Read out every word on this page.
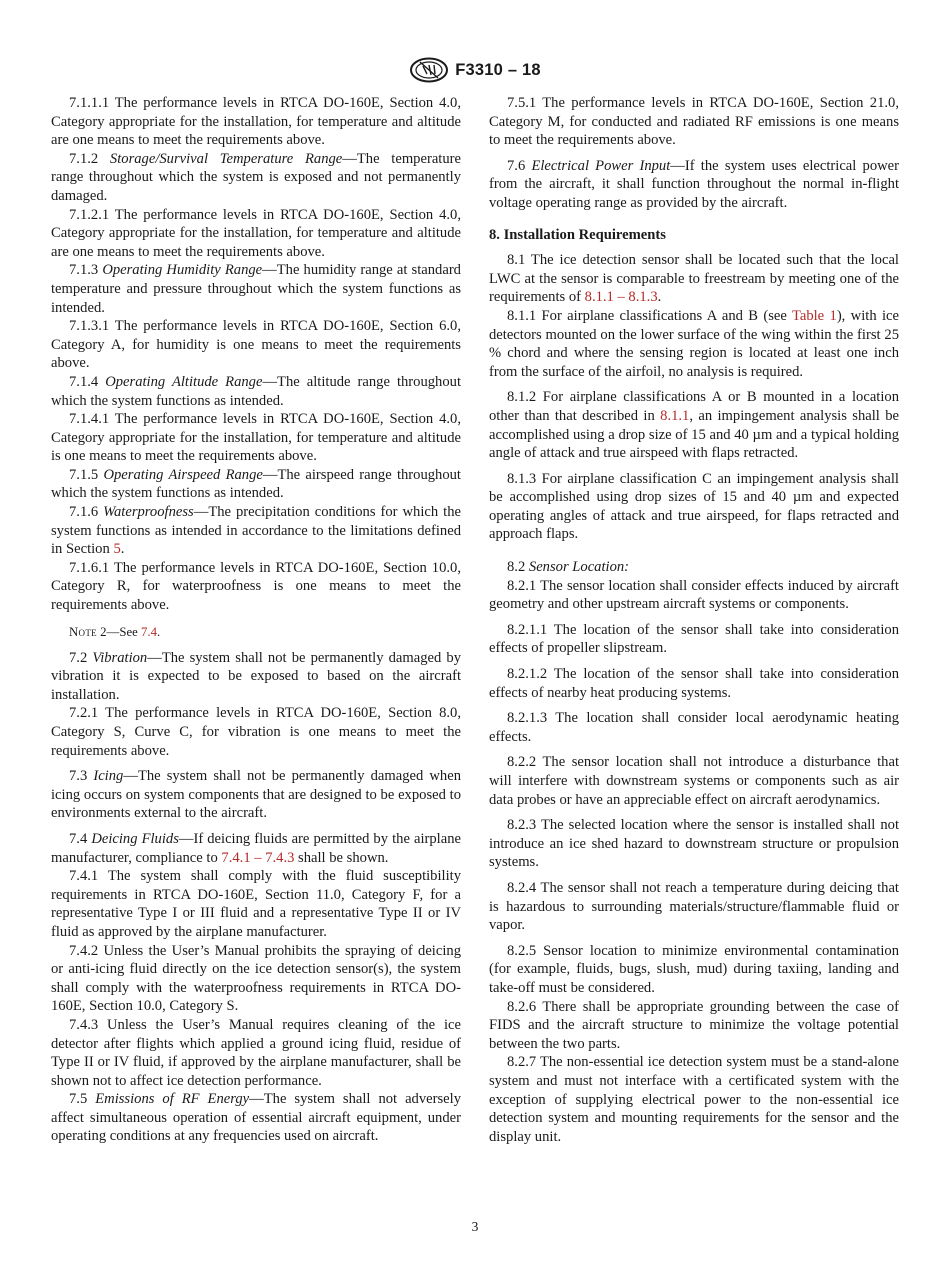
F3310 – 18

7.1.1.1 The performance levels in RTCA DO-160E, Section 4.0, Category appropriate for the installation, for temperature and altitude are one means to meet the requirements above.

7.1.2 Storage/Survival Temperature Range—The temperature range throughout which the system is exposed and not permanently damaged.

7.1.2.1 The performance levels in RTCA DO-160E, Section 4.0, Category appropriate for the installation, for temperature and altitude are one means to meet the requirements above.

7.1.3 Operating Humidity Range—The humidity range at standard temperature and pressure throughout which the system functions as intended.

7.1.3.1 The performance levels in RTCA DO-160E, Section 6.0, Category A, for humidity is one means to meet the requirements above.

7.1.4 Operating Altitude Range—The altitude range throughout which the system functions as intended.

7.1.4.1 The performance levels in RTCA DO-160E, Section 4.0, Category appropriate for the installation, for temperature and altitude is one means to meet the requirements above.

7.1.5 Operating Airspeed Range—The airspeed range throughout which the system functions as intended.

7.1.6 Waterproofness—The precipitation conditions for which the system functions as intended in accordance to the limitations defined in Section 5.

7.1.6.1 The performance levels in RTCA DO-160E, Section 10.0, Category R, for waterproofness is one means to meet the requirements above.

Note 2—See 7.4.

7.2 Vibration—The system shall not be permanently damaged by vibration it is expected to be exposed to based on the aircraft installation.

7.2.1 The performance levels in RTCA DO-160E, Section 8.0, Category S, Curve C, for vibration is one means to meet the requirements above.

7.3 Icing—The system shall not be permanently damaged when icing occurs on system components that are designed to be exposed to environments external to the aircraft.

7.4 Deicing Fluids—If deicing fluids are permitted by the airplane manufacturer, compliance to 7.4.1 – 7.4.3 shall be shown.

7.4.1 The system shall comply with the fluid susceptibility requirements in RTCA DO-160E, Section 11.0, Category F, for a representative Type I or III fluid and a representative Type II or IV fluid as approved by the airplane manufacturer.

7.4.2 Unless the User’s Manual prohibits the spraying of deicing or anti-icing fluid directly on the ice detection sensor(s), the system shall comply with the waterproofness requirements in RTCA DO-160E, Section 10.0, Category S.

7.4.3 Unless the User’s Manual requires cleaning of the ice detector after flights which applied a ground icing fluid, residue of Type II or IV fluid, if approved by the airplane manufacturer, shall be shown not to affect ice detection performance.

7.5 Emissions of RF Energy—The system shall not adversely affect simultaneous operation of essential aircraft equipment, under operating conditions at any frequencies used on aircraft.

7.5.1 The performance levels in RTCA DO-160E, Section 21.0, Category M, for conducted and radiated RF emissions is one means to meet the requirements above.

7.6 Electrical Power Input—If the system uses electrical power from the aircraft, it shall function throughout the normal in-flight voltage operating range as provided by the aircraft.

8. Installation Requirements

8.1 The ice detection sensor shall be located such that the local LWC at the sensor is comparable to freestream by meeting one of the requirements of 8.1.1 – 8.1.3.

8.1.1 For airplane classifications A and B (see Table 1), with ice detectors mounted on the lower surface of the wing within the first 25 % chord and where the sensing region is located at least one inch from the surface of the airfoil, no analysis is required.

8.1.2 For airplane classifications A or B mounted in a location other than that described in 8.1.1, an impingement analysis shall be accomplished using a drop size of 15 and 40 µm and a typical holding angle of attack and true airspeed with flaps retracted.

8.1.3 For airplane classification C an impingement analysis shall be accomplished using drop sizes of 15 and 40 µm and expected operating angles of attack and true airspeed, for flaps retracted and approach flaps.

8.2 Sensor Location:

8.2.1 The sensor location shall consider effects induced by aircraft geometry and other upstream aircraft systems or components.

8.2.1.1 The location of the sensor shall take into consideration effects of propeller slipstream.

8.2.1.2 The location of the sensor shall take into consideration effects of nearby heat producing systems.

8.2.1.3 The location shall consider local aerodynamic heating effects.

8.2.2 The sensor location shall not introduce a disturbance that will interfere with downstream systems or components such as air data probes or have an appreciable effect on aircraft aerodynamics.

8.2.3 The selected location where the sensor is installed shall not introduce an ice shed hazard to downstream structure or propulsion systems.

8.2.4 The sensor shall not reach a temperature during deicing that is hazardous to surrounding materials/structure/flammable fluid or vapor.

8.2.5 Sensor location to minimize environmental contamination (for example, fluids, bugs, slush, mud) during taxiing, landing and take-off must be considered.

8.2.6 There shall be appropriate grounding between the case of FIDS and the aircraft structure to minimize the voltage potential between the two parts.

8.2.7 The non-essential ice detection system must be a stand-alone system and must not interface with a certificated system with the exception of supplying electrical power to the non-essential ice detection system and mounting requirements for the sensor and the display unit.

3
